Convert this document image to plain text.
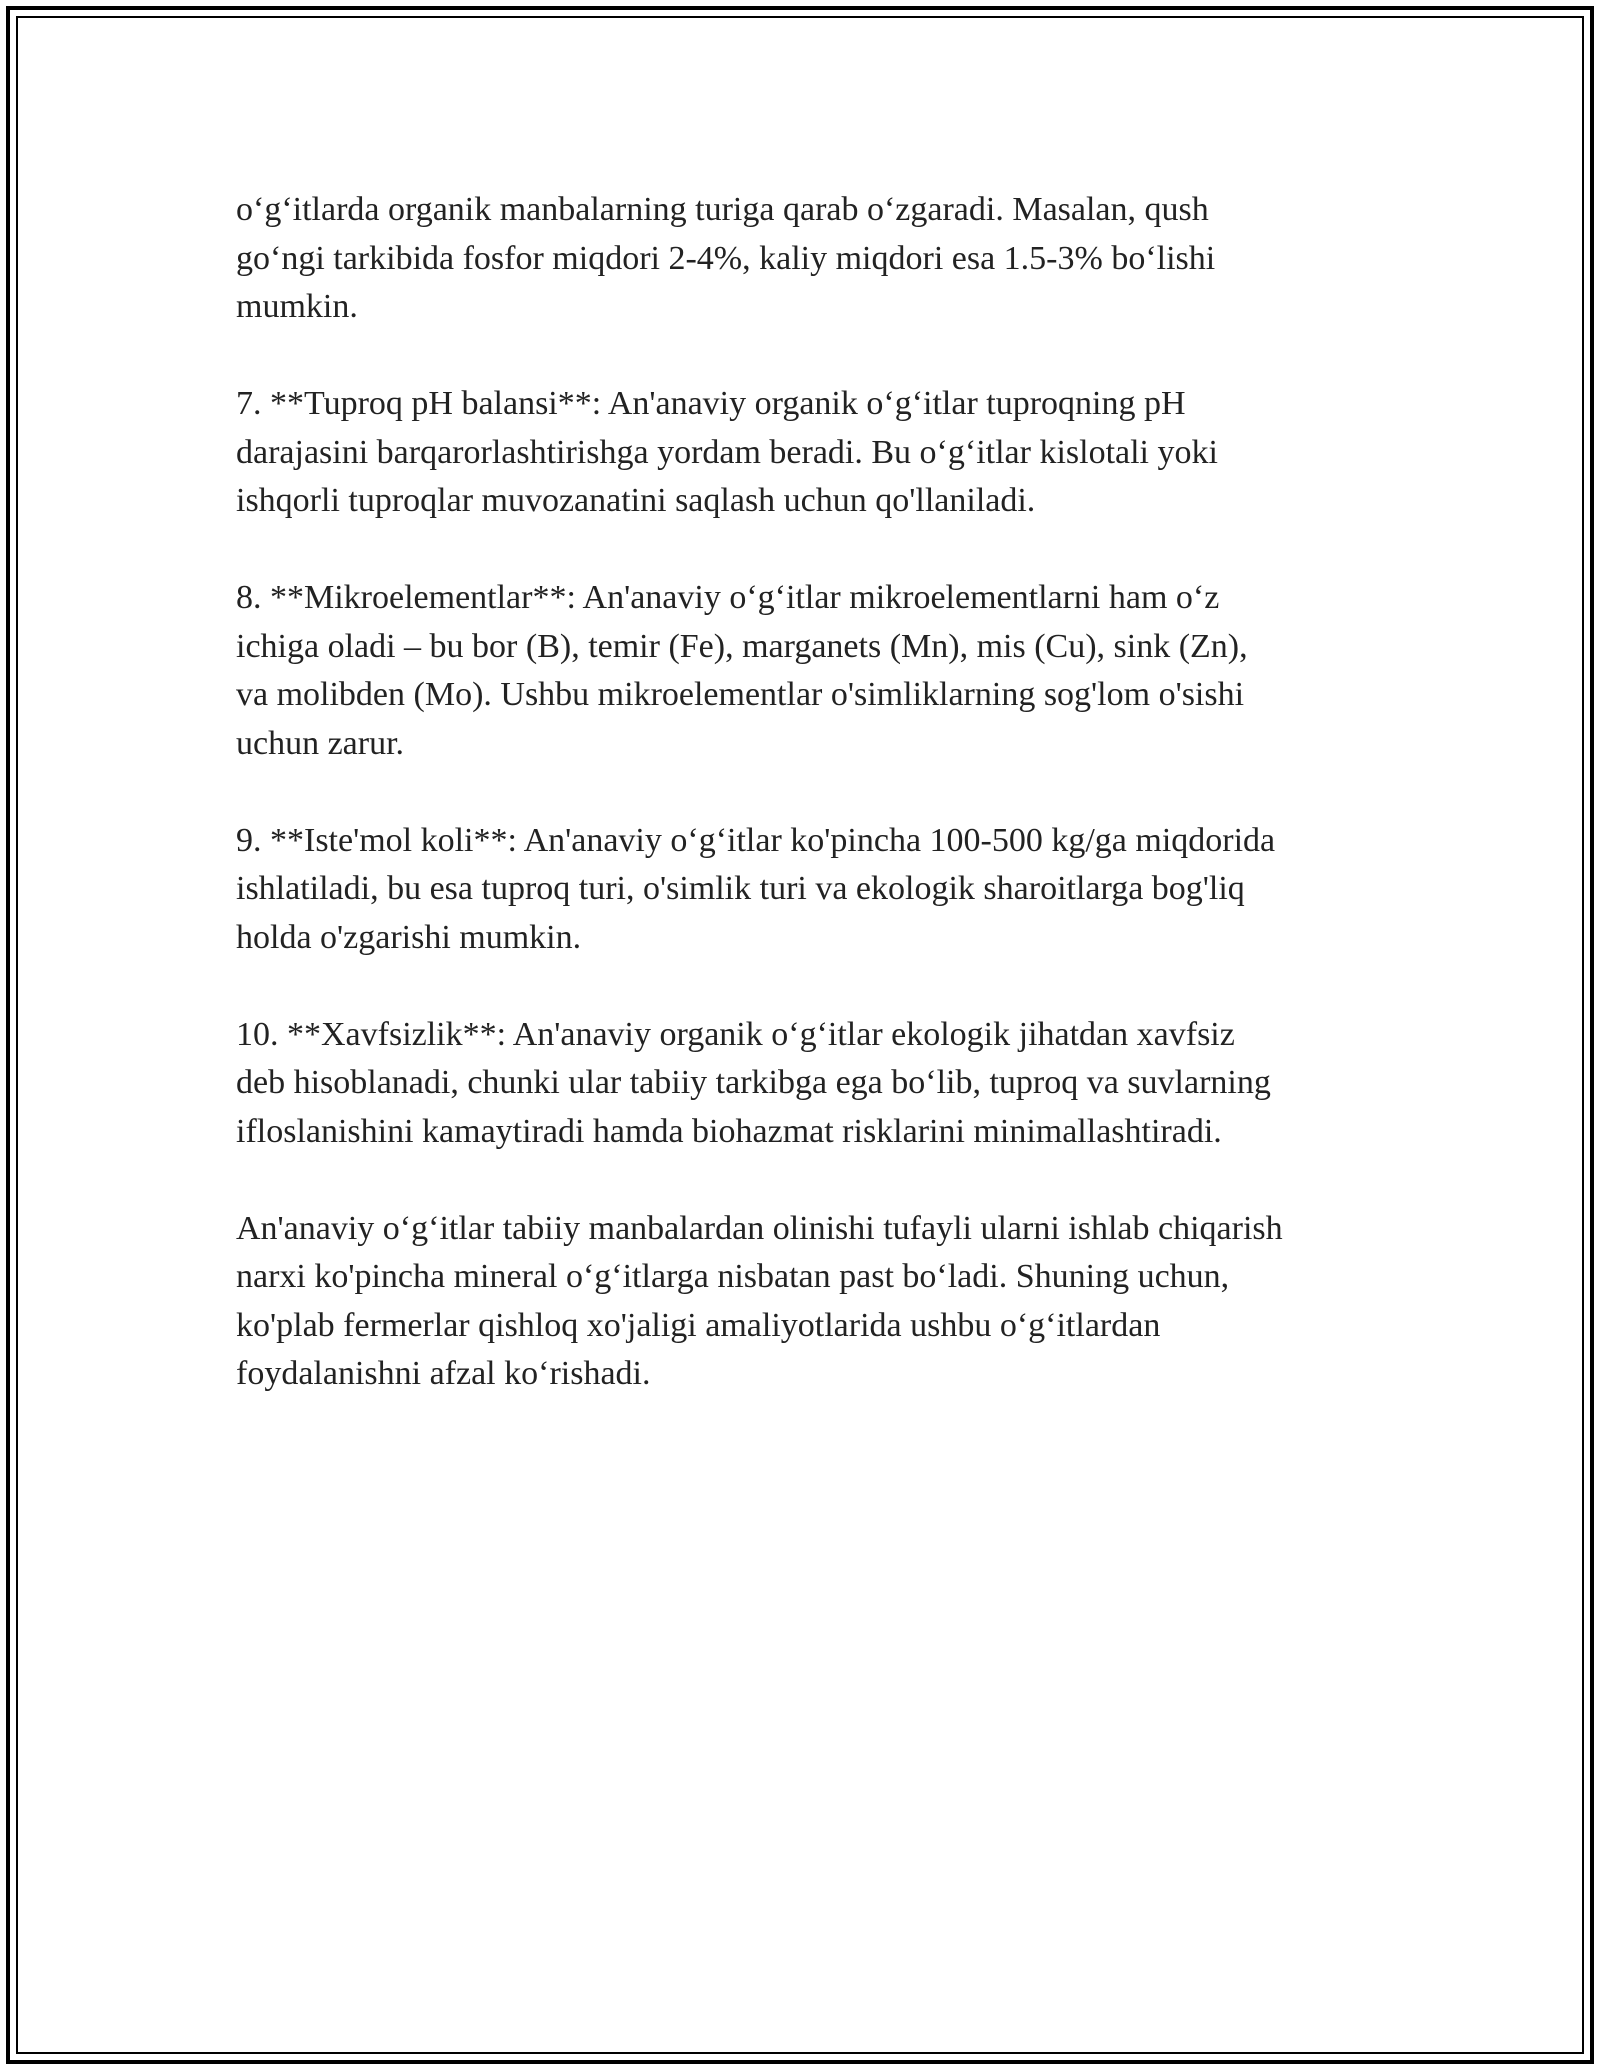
o‘g‘itlarda organik manbalarning turiga qarab o‘zgaradi. Masalan, qush
go‘ngi tarkibida fosfor miqdori 2-4%, kaliy miqdori esa 1.5-3% bo‘lishi
mumkin.

7. **Tuproq pH balansi**: An'anaviy organik o‘g‘itlar tuproqning pH
darajasini barqarorlashtirishga yordam beradi. Bu o‘g‘itlar kislotali yoki
ishqorli tuproqlar muvozanatini saqlash uchun qo'llaniladi.

8. **Mikroelementlar**: An'anaviy o‘g‘itlar mikroelementlarni ham o‘z
ichiga oladi – bu bor (B), temir (Fe), marganets (Mn), mis (Cu), sink (Zn),
va molibden (Mo). Ushbu mikroelementlar o'simliklarning sog'lom o'sishi
uchun zarur.

9. **Iste'mol koli**: An'anaviy o‘g‘itlar ko'pincha 100-500 kg/ga miqdorida
ishlatiladi, bu esa tuproq turi, o'simlik turi va ekologik sharoitlarga bog'liq
holda o'zgarishi mumkin.

10. **Xavfsizlik**: An'anaviy organik o‘g‘itlar ekologik jihatdan xavfsiz
deb hisoblanadi, chunki ular tabiiy tarkibga ega bo‘lib, tuproq va suvlarning
ifloslanishini kamaytiradi hamda biohazmat risklarini minimallashtiradi.

An'anaviy o‘g‘itlar tabiiy manbalardan olinishi tufayli ularni ishlab chiqarish
narxi ko'pincha mineral o‘g‘itlarga nisbatan past bo‘ladi. Shuning uchun,
ko'plab fermerlar qishloq xo'jaligi amaliyotlarida ushbu o‘g‘itlardan
foydalanishni afzal ko‘rishadi.
